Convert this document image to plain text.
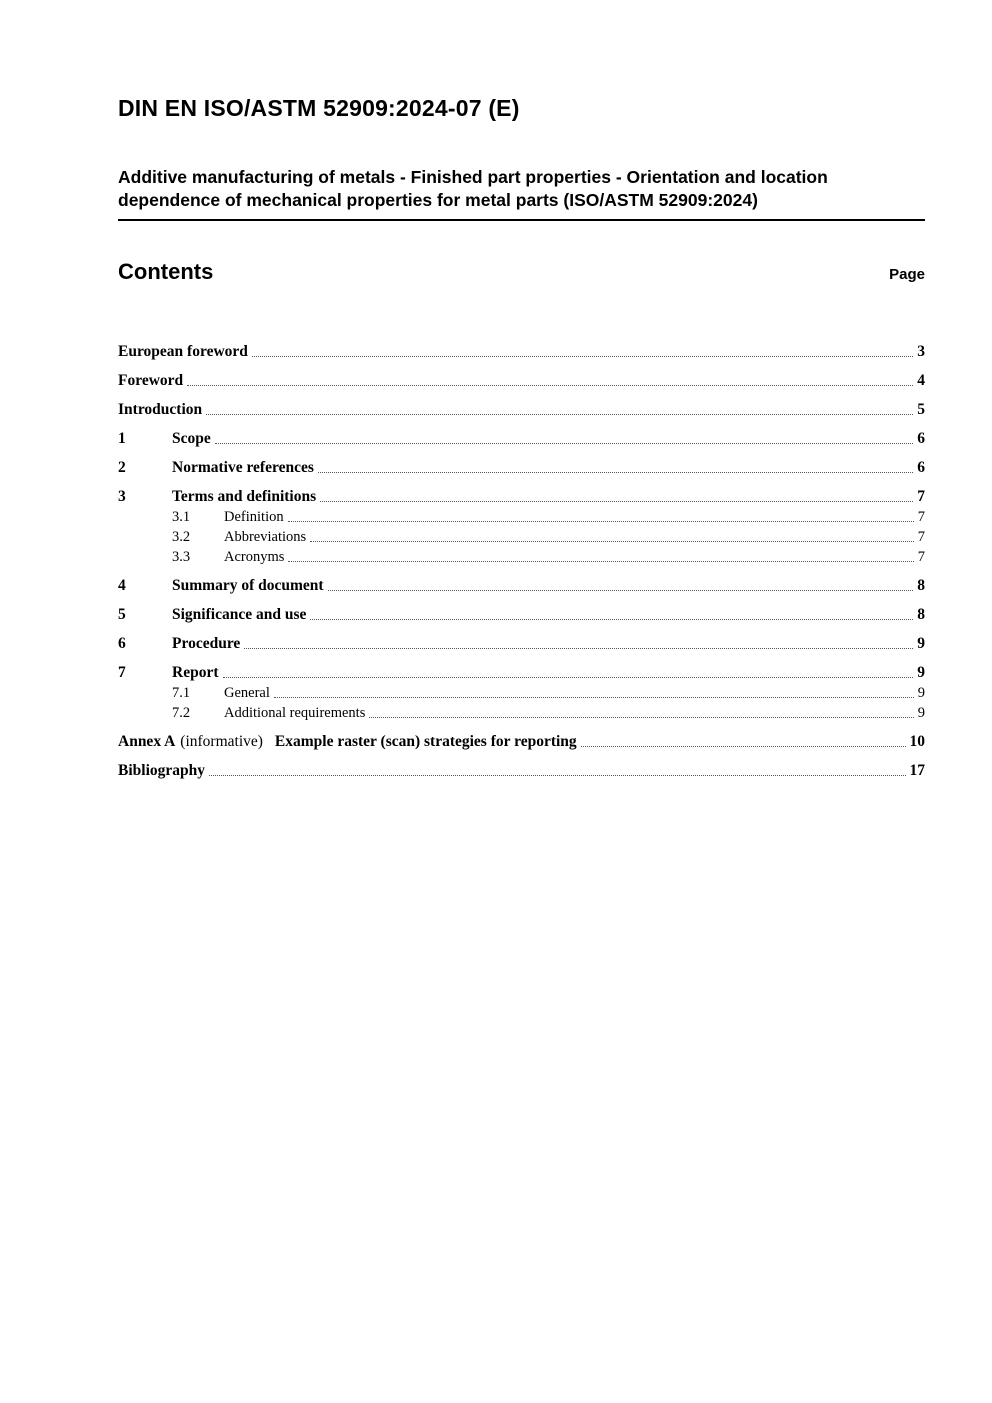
DIN EN ISO/ASTM 52909:2024-07 (E)
Additive manufacturing of metals - Finished part properties - Orientation and location dependence of mechanical properties for metal parts (ISO/ASTM 52909:2024)
Contents	Page
European foreword	3
Foreword	4
Introduction	5
1	Scope	6
2	Normative references	6
3	Terms and definitions	7
3.1	Definition	7
3.2	Abbreviations	7
3.3	Acronyms	7
4	Summary of document	8
5	Significance and use	8
6	Procedure	9
7	Report	9
7.1	General	9
7.2	Additional requirements	9
Annex A (informative) Example raster (scan) strategies for reporting	10
Bibliography	17
